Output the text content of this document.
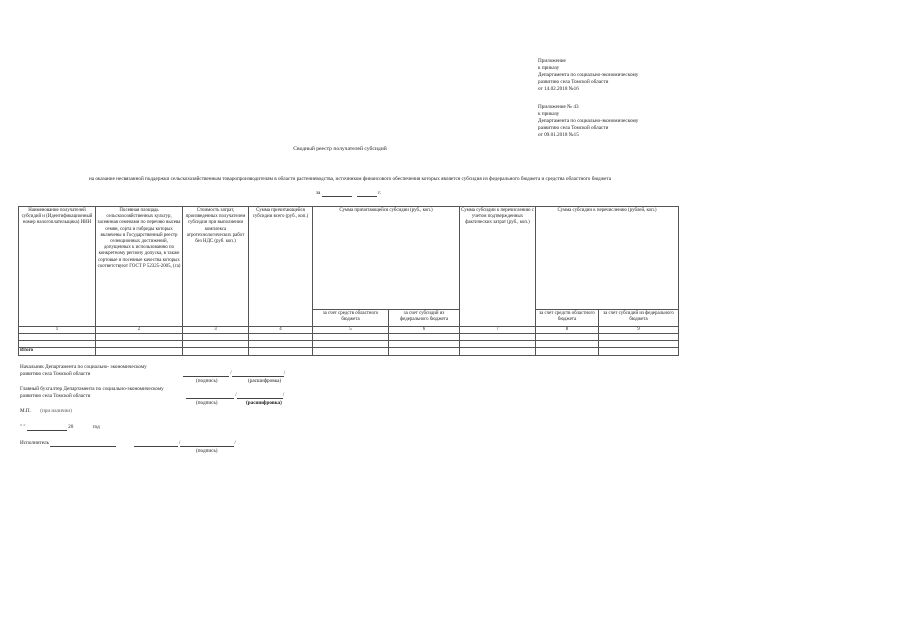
Приложение
к приказу
Департамента по социально-экономическому
развитию села Томской области
от 14.02.2018 №16
Приложение № 43
к приказу
Департамента по социально-экономическому
развитию села Томской области
от 09.01.2018 №15
Сводный реестр получателей субсидий
на оказание несвязанной поддержки сельскохозяйственным товаропроизводителям в области растениеводства, источником финансового обеспечения которых является субсидия из федерального бюджета и средства областного бюджета
за	г.
Наименование получателей субсидий и (Идентификационный номер налогоплательщика) ИНН	Посевная площадь сельскохозяйственных культур, засеянная семенами по перечню высева семян, сорта и гибриды которых включены в Государственный реестр селекционных достижений, допущенных к использованию по конкретному региону допуска, в также сортовые и посевные качества которых соответствуют ГОСТ Р 52325-2005, (га)	Стоимость затрат, произведенных получателем субсидии при выполнении комплекса агротехнологических работ без НДС (руб. коп.)	Сумма причитающейся субсидии всего (руб., коп.)	Сумма причитающейся субсидии (руб., коп.)		Сумма субсидии к перечислению с учетом подтвержденных фактических затрат (руб., коп.)	Сумма субсидии к перечислению (рублей, коп.)	
				за счет средств областного бюджета	за счет субсидий из федерального бюджета		за счет средств областного бюджета	за счет субсидий из федерального бюджета
1	2	3	4	5	6	7	8	9

Итого								
Начальник Департамента по социально- экономическому
развитию села Томской области	/	/
(подпись)	(расшифровка)
Главный бухгалтер Департамента по социально-экономическому
развитию села Томской области	/	/
(подпись)	(расшифровка)
М.П. (при наличии)
" "	20	год
Исполнитель	/	/
(подпись)
